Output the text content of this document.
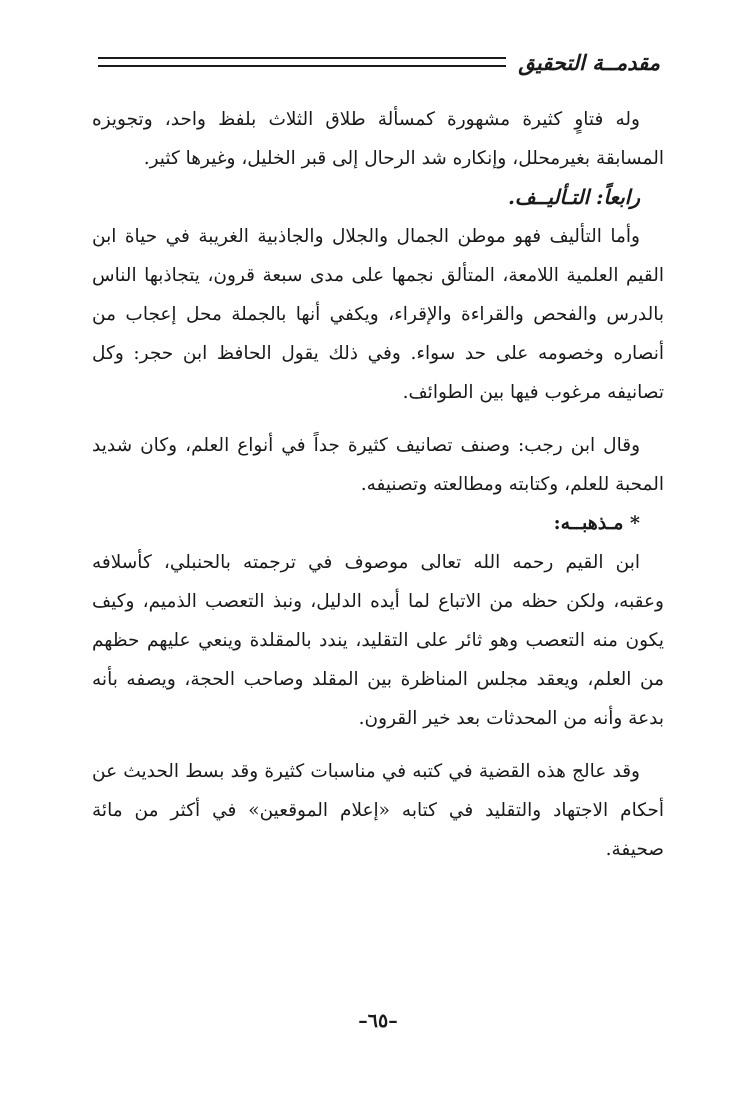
مقدمــة التحقيق

وله فتاوٍ كثيرة مشهورة كمسألة طلاق الثلاث بلفظ واحد، وتجويزه المسابقة بغيرمحلل، وإنكاره شد الرحال إلى قبر الخليل، وغيرها كثير.

رابعاً: التـأليــف.

وأما التأليف فهو موطن الجمال والجلال والجاذبية الغريبة في حياة ابن القيم العلمية اللامعة، المتألق نجمها على مدى سبعة قرون، يتجاذبها الناس بالدرس والفحص والقراءة والإقراء، ويكفي أنها بالجملة محل إعجاب من أنصاره وخصومه على حد سواء. وفي ذلك يقول الحافظ ابن حجر: وكل تصانيفه مرغوب فيها بين الطوائف.

وقال ابن رجب: وصنف تصانيف كثيرة جداً في أنواع العلم، وكان شديد المحبة للعلم، وكتابته ومطالعته وتصنيفه.

* مـذهبــه:

ابن القيم رحمه الله تعالى موصوف في ترجمته بالحنبلي، كأسلافه وعقبه، ولكن حظه من الاتباع لما أيده الدليل، ونبذ التعصب الذميم، وكيف يكون منه التعصب وهو ثائر على التقليد، يندد بالمقلدة وينعي عليهم حظهم من العلم، ويعقد مجلس المناظرة بين المقلد وصاحب الحجة، ويصفه بأنه بدعة وأنه من المحدثات بعد خير القرون.

وقد عالج هذه القضية في كتبه في مناسبات كثيرة وقد بسط الحديث عن أحكام الاجتهاد والتقليد في كتابه «إعلام الموقعين» في أكثر من مائة صحيفة.

–٦٥–
